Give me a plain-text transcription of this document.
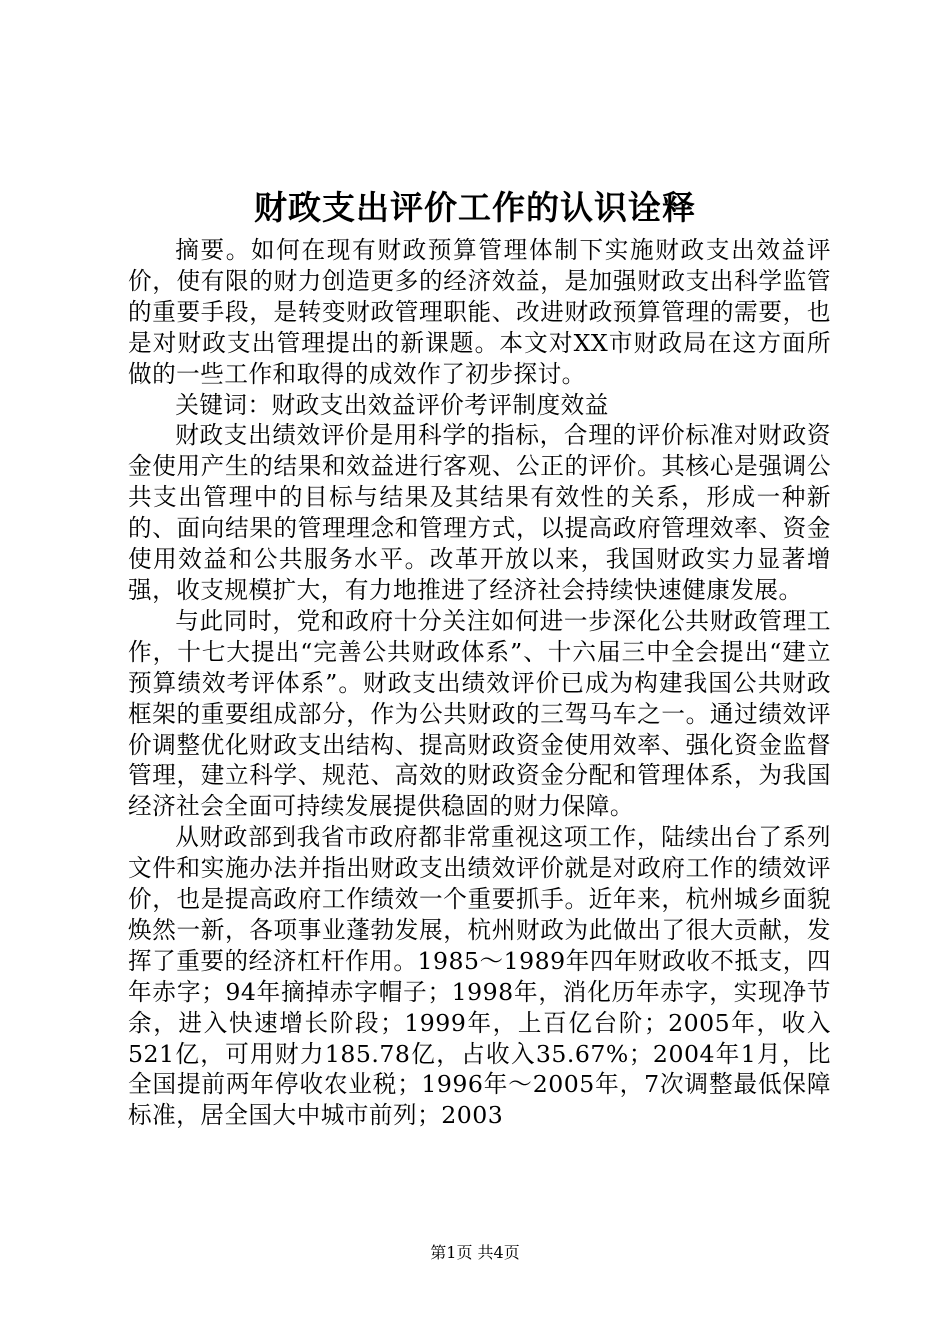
财政支出评价工作的认识诠释

摘要。如何在现有财政预算管理体制下实施财政支出效益评价，使有限的财力创造更多的经济效益，是加强财政支出科学监管的重要手段，是转变财政管理职能、改进财政预算管理的需要，也是对财政支出管理提出的新课题。本文对XX市财政局在这方面所做的一些工作和取得的成效作了初步探讨。

关键词：财政支出效益评价考评制度效益

财政支出绩效评价是用科学的指标，合理的评价标准对财政资金使用产生的结果和效益进行客观、公正的评价。其核心是强调公共支出管理中的目标与结果及其结果有效性的关系，形成一种新的、面向结果的管理理念和管理方式，以提高政府管理效率、资金使用效益和公共服务水平。改革开放以来，我国财政实力显著增强，收支规模扩大，有力地推进了经济社会持续快速健康发展。

与此同时，党和政府十分关注如何进一步深化公共财政管理工作，十七大提出“完善公共财政体系”、十六届三中全会提出“建立预算绩效考评体系”。财政支出绩效评价已成为构建我国公共财政框架的重要组成部分，作为公共财政的三驾马车之一。通过绩效评价调整优化财政支出结构、提高财政资金使用效率、强化资金监督管理，建立科学、规范、高效的财政资金分配和管理体系，为我国经济社会全面可持续发展提供稳固的财力保障。

从财政部到我省市政府都非常重视这项工作，陆续出台了系列文件和实施办法并指出财政支出绩效评价就是对政府工作的绩效评价，也是提高政府工作绩效一个重要抓手。近年来，杭州城乡面貌焕然一新，各项事业蓬勃发展，杭州财政为此做出了很大贡献，发挥了重要的经济杠杆作用。1985～1989年四年财政收不抵支，四年赤字；94年摘掉赤字帽子；1998年，消化历年赤字，实现净节余，进入快速增长阶段；1999年，上百亿台阶；2005年，收入521亿，可用财力185.78亿，占收入35.67%；2004年1月，比全国提前两年停收农业税；1996年～2005年，7次调整最低保障标准，居全国大中城市前列；2003

第1页 共4页
